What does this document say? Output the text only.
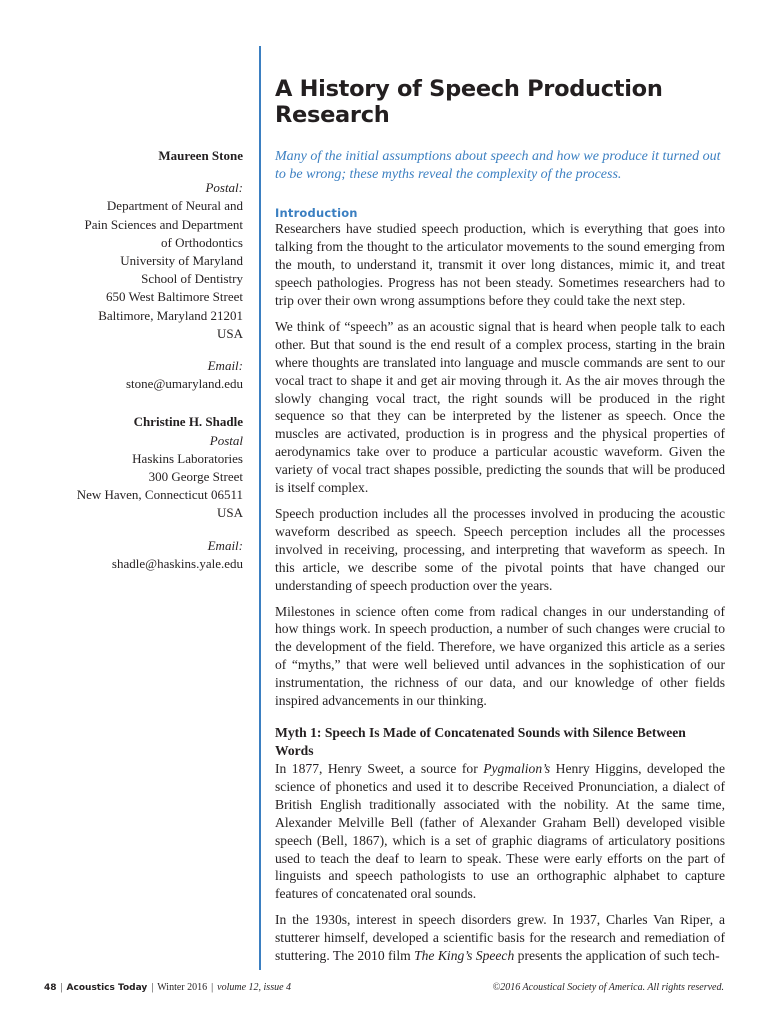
Maureen Stone
Postal:
Department of Neural and
Pain Sciences and Department
of Orthodontics
University of Maryland
School of Dentistry
650 West Baltimore Street
Baltimore, Maryland 21201
USA
Email:
stone@umaryland.edu
Christine H. Shadle
Postal
Haskins Laboratories
300 George Street
New Haven, Connecticut 06511
USA
Email:
shadle@haskins.yale.edu
A History of Speech Production Research
Many of the initial assumptions about speech and how we produce it turned out to be wrong; these myths reveal the complexity of the process.
Introduction

Researchers have studied speech production, which is everything that goes into talking from the thought to the articulator movements to the sound emerging from the mouth, to understand it, transmit it over long distances, mimic it, and treat speech pathologies. Progress has not been steady. Sometimes researchers had to trip over their own wrong assumptions before they could take the next step.

We think of “speech” as an acoustic signal that is heard when people talk to each other. But that sound is the end result of a complex process, starting in the brain where thoughts are translated into language and muscle commands are sent to our vocal tract to shape it and get air moving through it. As the air moves through the slowly changing vocal tract, the right sounds will be produced in the right sequence so that they can be interpreted by the listener as speech. Once the muscles are activated, production is in progress and the physical properties of aerodynamics take over to produce a particular acoustic waveform. Given the variety of vocal tract shapes possible, predicting the sounds that will be produced is itself complex.

Speech production includes all the processes involved in producing the acoustic waveform described as speech. Speech perception includes all the processes involved in receiving, processing, and interpreting that waveform as speech. In this article, we describe some of the pivotal points that have changed our understanding of speech production over the years.

Milestones in science often come from radical changes in our understanding of how things work. In speech production, a number of such changes were crucial to the development of the field. Therefore, we have organized this article as a series of “myths,” that were well believed until advances in the sophistication of our instrumentation, the richness of our data, and our knowledge of other fields inspired advancements in our thinking.

Myth 1: Speech Is Made of Concatenated Sounds with Silence Between Words

In 1877, Henry Sweet, a source for Pygmalion’s Henry Higgins, developed the science of phonetics and used it to describe Received Pronunciation, a dialect of British English traditionally associated with the nobility. At the same time, Alexander Melville Bell (father of Alexander Graham Bell) developed visible speech (Bell, 1867), which is a set of graphic diagrams of articulatory positions used to teach the deaf to learn to speak. These were early efforts on the part of linguists and speech pathologists to use an orthographic alphabet to capture features of concatenated oral sounds.

In the 1930s, interest in speech disorders grew. In 1937, Charles Van Riper, a stutterer himself, developed a scientific basis for the research and remediation of stuttering. The 2010 film The King’s Speech presents the application of such tech-

48 | Acoustics Today | Winter 2016 | volume 12, issue 4	©2016 Acoustical Society of America. All rights reserved.
